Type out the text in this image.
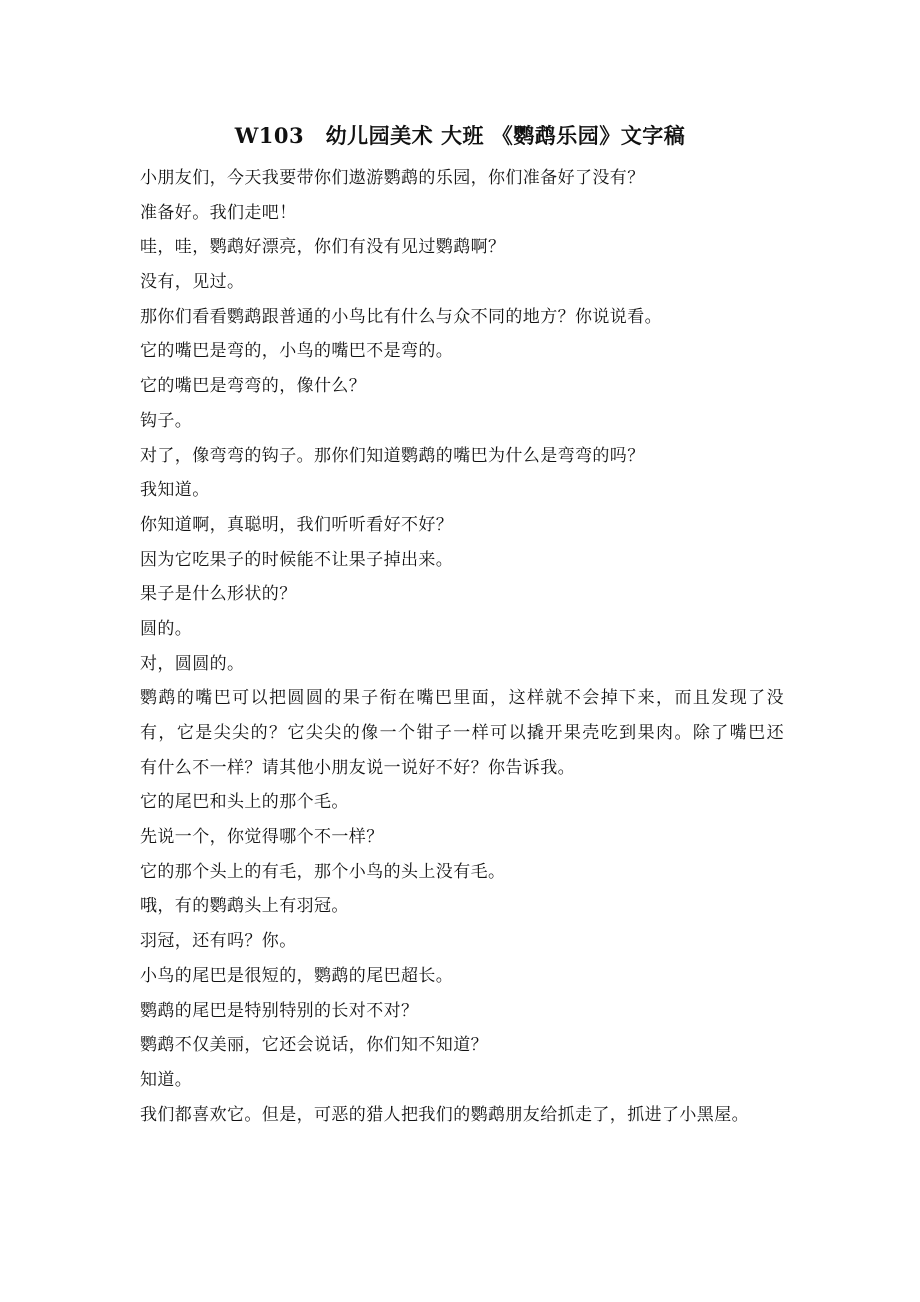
W103　幼儿园美术 大班 《鹦鹉乐园》文字稿
小朋友们，今天我要带你们遨游鹦鹉的乐园，你们准备好了没有？
准备好。我们走吧！
哇，哇，鹦鹉好漂亮，你们有没有见过鹦鹉啊？
没有，见过。
那你们看看鹦鹉跟普通的小鸟比有什么与众不同的地方？你说说看。
它的嘴巴是弯的，小鸟的嘴巴不是弯的。
它的嘴巴是弯弯的，像什么？
钩子。
对了，像弯弯的钩子。那你们知道鹦鹉的嘴巴为什么是弯弯的吗？
我知道。
你知道啊，真聪明，我们听听看好不好？
因为它吃果子的时候能不让果子掉出来。
果子是什么形状的？
圆的。
对，圆圆的。
鹦鹉的嘴巴可以把圆圆的果子衔在嘴巴里面，这样就不会掉下来，而且发现了没
有，它是尖尖的？它尖尖的像一个钳子一样可以撬开果壳吃到果肉。除了嘴巴还
有什么不一样？请其他小朋友说一说好不好？你告诉我。
它的尾巴和头上的那个毛。
先说一个，你觉得哪个不一样？
它的那个头上的有毛，那个小鸟的头上没有毛。
哦，有的鹦鹉头上有羽冠。
羽冠，还有吗？你。
小鸟的尾巴是很短的，鹦鹉的尾巴超长。
鹦鹉的尾巴是特别特别的长对不对？
鹦鹉不仅美丽，它还会说话，你们知不知道？
知道。
我们都喜欢它。但是，可恶的猎人把我们的鹦鹉朋友给抓走了，抓进了小黑屋。
